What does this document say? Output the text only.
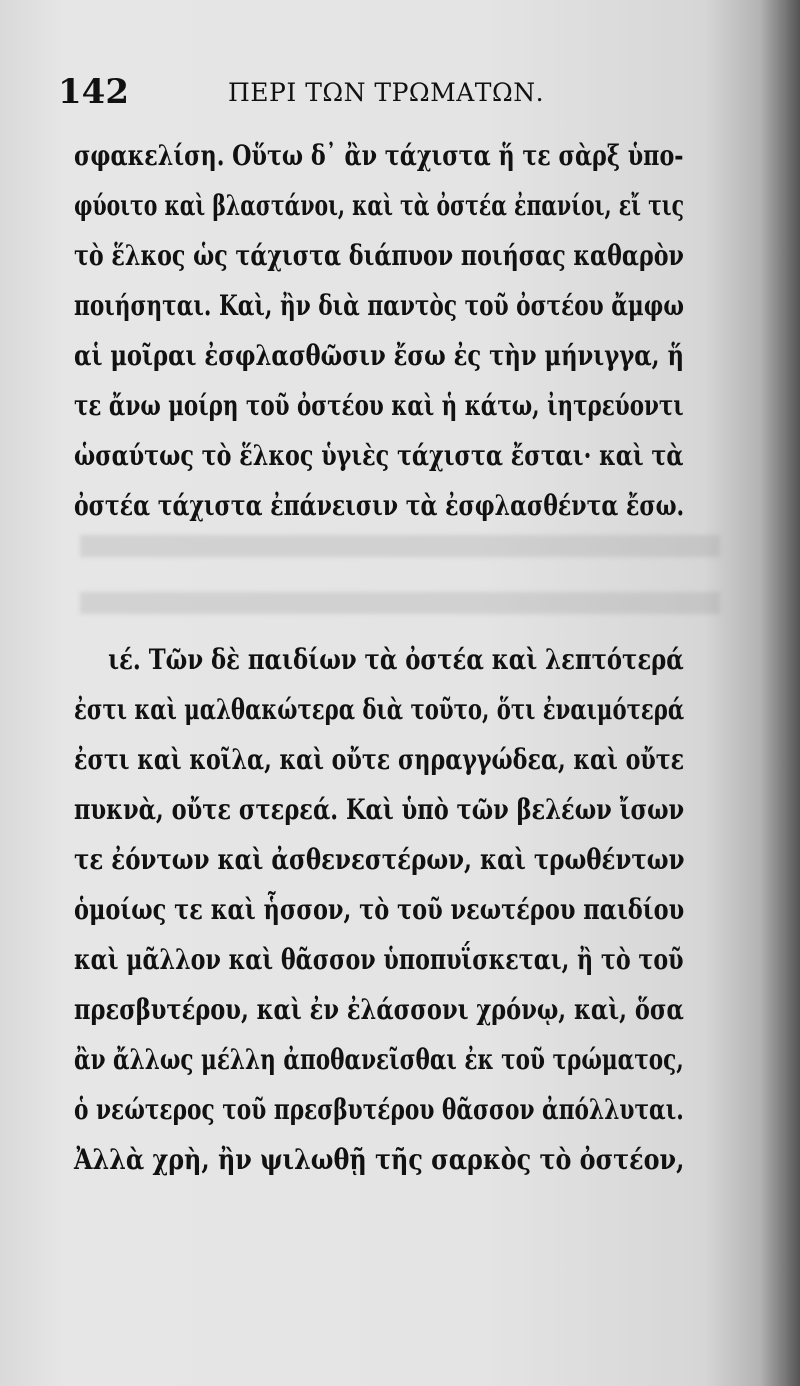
142	ΠΕΡΙ ΤΩΝ ΤΡΩΜΑΤΩΝ.
σφακελίση. Οὕτω δ᾽ ἂν τάχιστα ἥ τε σὰρξ ὑπο-
φύοιτο καὶ βλαστάνοι, καὶ τὰ ὀστέα ἐπανίοι, εἴ τις
τὸ ἕλκος ὡς τάχιστα διάπυον ποιήσας καθαρὸν
ποιήσηται. Καὶ, ἢν διὰ παντὸς τοῦ ὀστέου ἄμφω
αἱ μοῖραι ἐσφλασθῶσιν ἔσω ἐς τὴν μήνιγγα, ἥ
τε ἄνω μοίρη τοῦ ὀστέου καὶ ἡ κάτω, ἰητρεύοντι
ὡσαύτως τὸ ἕλκος ὑγιὲς τάχιστα ἔσται· καὶ τὰ
ὀστέα τάχιστα ἐπάνεισιν τὰ ἐσφλασθέντα ἔσω.
ιέ. Τῶν δὲ παιδίων τὰ ὀστέα καὶ λεπτότερά
ἐστι καὶ μαλθακώτερα διὰ τοῦτο, ὅτι ἐναιμότερά
ἐστι καὶ κοῖλα, καὶ οὔτε σηραγγώδεα, καὶ οὔτε
πυκνὰ, οὔτε στερεά. Καὶ ὑπὸ τῶν βελέων ἴσων
τε ἐόντων καὶ ἀσθενεστέρων, καὶ τρωθέντων
ὁμοίως τε καὶ ἧσσον, τὸ τοῦ νεωτέρου παιδίου
καὶ μᾶλλον καὶ θᾶσσον ὑποπυΐσκεται, ἢ τὸ τοῦ
πρεσβυτέρου, καὶ ἐν ἐλάσσονι χρόνῳ, καὶ, ὅσα
ἂν ἄλλως μέλλη ἀποθανεῖσθαι ἐκ τοῦ τρώματος,
ὁ νεώτερος τοῦ πρεσβυτέρου θᾶσσον ἀπόλλυται.
Ἀλλὰ χρὴ, ἢν ψιλωθῇ τῆς σαρκὸς τὸ ὀστέον,
